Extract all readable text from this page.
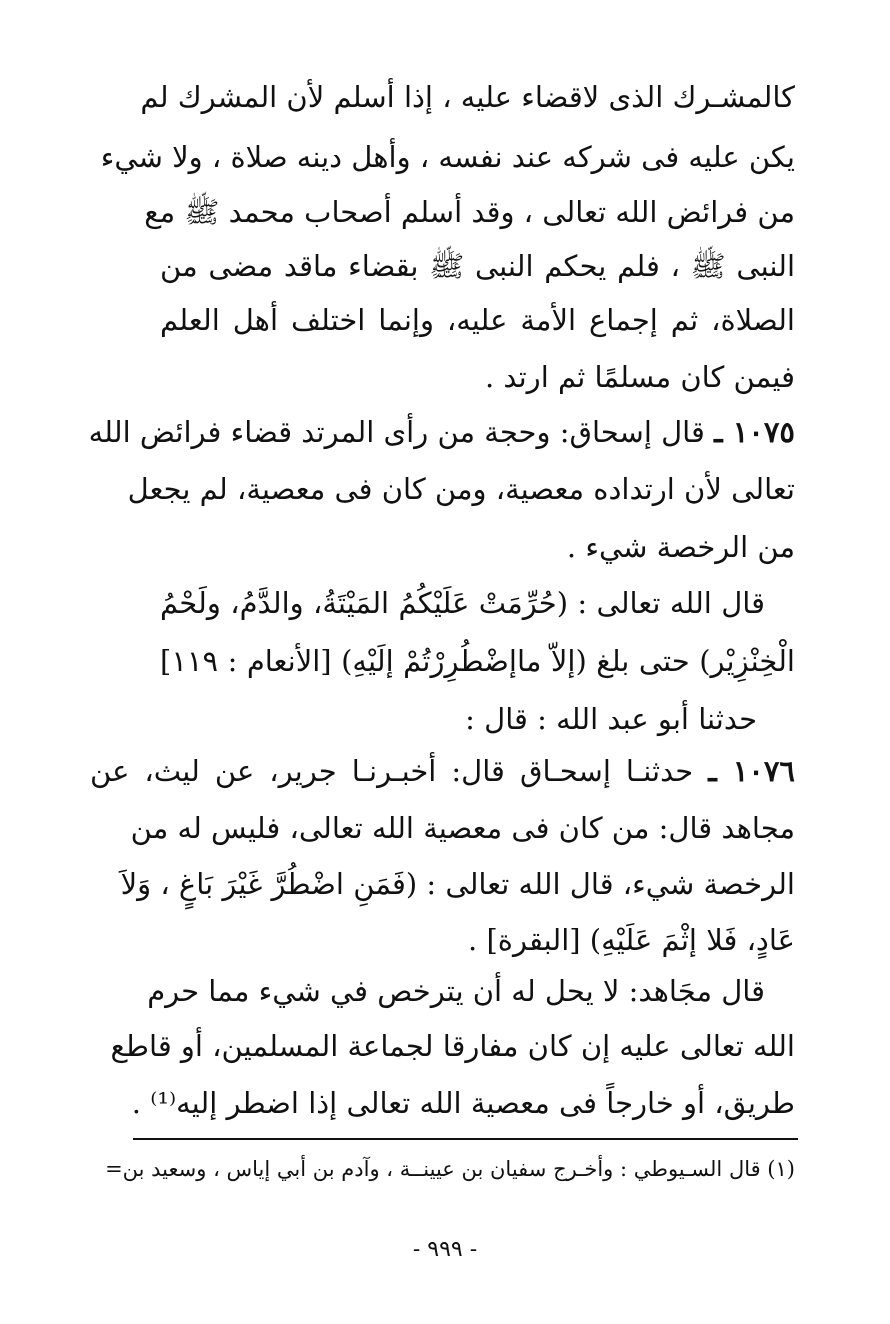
كالمشـرك الذى لاقضاء عليه ، إذا أسلم لأن المشرك لم
يكن عليه فى شركه عند نفسه ، وأهل دينه صلاة ، ولا شيء
من فرائض الله تعالى ، وقد أسلم أصحاب محمد ﷺ مع
النبى ﷺ ، فلم يحكم النبى ﷺ بقضاء ماقد مضى من
الصلاة، ثم إجماع الأمة عليه، وإنما اختلف أهل العلم
فيمن كان مسلمًا ثم ارتد .
١٠٧٥ ـ قال إسحاق: وحجة من رأى المرتد قضاء فرائض الله
تعالى لأن ارتداده معصية، ومن كان فى معصية، لم يجعل
من الرخصة شيء .
قال الله تعالى : (حُرِّمَتْ عَلَيْكُمُ المَيْتَةُ، والدَّمُ، ولَحْمُ
الْخِنْزِيْر) حتى بلغ (إلاّ ماإضْطُرِرْتُمْ إلَيْهِ) [الأنعام : ١١٩]
حدثنا أبو عبد الله : قال :
١٠٧٦ ـ حدثنـا إسحـاق قال: أخبـرنـا جرير، عن ليث، عن
مجاهد قال: من كان فى معصية الله تعالى، فليس له من
الرخصة شيء، قال الله تعالى : (فَمَنِ اضْطُرَّ غَيْرَ بَاغٍ ، وَلاَ
عَادٍ، فَلا إثْمَ عَلَيْهِ) [البقرة] .
قال مجَاهد: لا يحل له أن يترخص في شيء مما حرم
الله تعالى عليه إن كان مفارقا لجماعة المسلمين، أو قاطع
طريق، أو خارجاً فى معصية الله تعالى إذا اضطر إليه⁽¹⁾ .
(١) قال السـيوطي : وأخـرج سفيان بن عيينــة ، وآدم بن أبي إياس ، وسعيد بن=
- ٩٩٩ -
